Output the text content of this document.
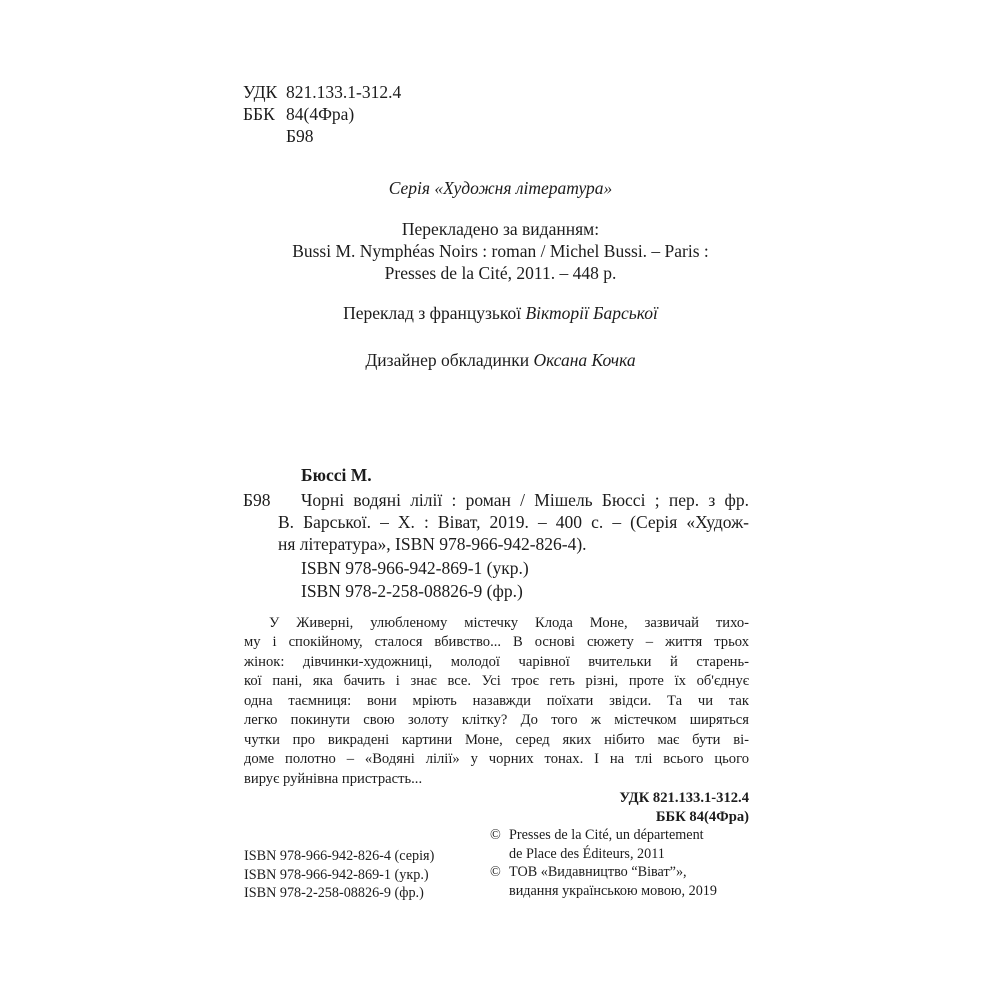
УДК 821.133.1-312.4
ББК 84(4Фра)
Б98
Серія «Художня література»
Перекладено за виданням:
Bussi M. Nymphéas Noirs : roman / Michel Bussi. – Paris :
Presses de la Cité, 2011. – 448 p.
Переклад з французької Вікторії Барської
Дизайнер обкладинки Оксана Кочка
Бюссі М.
Б98 Чорні водяні лілії : роман / Мішель Бюссі ; пер. з фр.
В. Барської. – Х. : Віват, 2019. – 400 с. – (Серія «Худож-
ня література», ISBN 978-966-942-826-4).
ISBN 978-966-942-869-1 (укр.)
ISBN 978-2-258-08826-9 (фр.)
У Живерні, улюбленому містечку Клода Моне, зазвичай тихо-
му і спокійному, сталося вбивство... В основі сюжету – життя трьох
жінок: дівчинки-художниці, молодої чарівної вчительки й старень-
кої пані, яка бачить і знає все. Усі троє геть різні, проте їх об'єднує
одна таємниця: вони мріють назавжди поїхати звідси. Та чи так
легко покинути свою золоту клітку? До того ж містечком ширяться
чутки про викрадені картини Моне, серед яких нібито має бути ві-
доме полотно – «Водяні лілії» у чорних тонах. І на тлі всього цього
вирує руйнівна пристрасть...
УДК 821.133.1-312.4
ББК 84(4Фра)
ISBN 978-966-942-826-4 (серія)
ISBN 978-966-942-869-1 (укр.)
ISBN 978-2-258-08826-9 (фр.)
© Presses de la Cité, un département
de Place des Éditeurs, 2011
© ТОВ «Видавництво “Віват”»,
видання українською мовою, 2019
